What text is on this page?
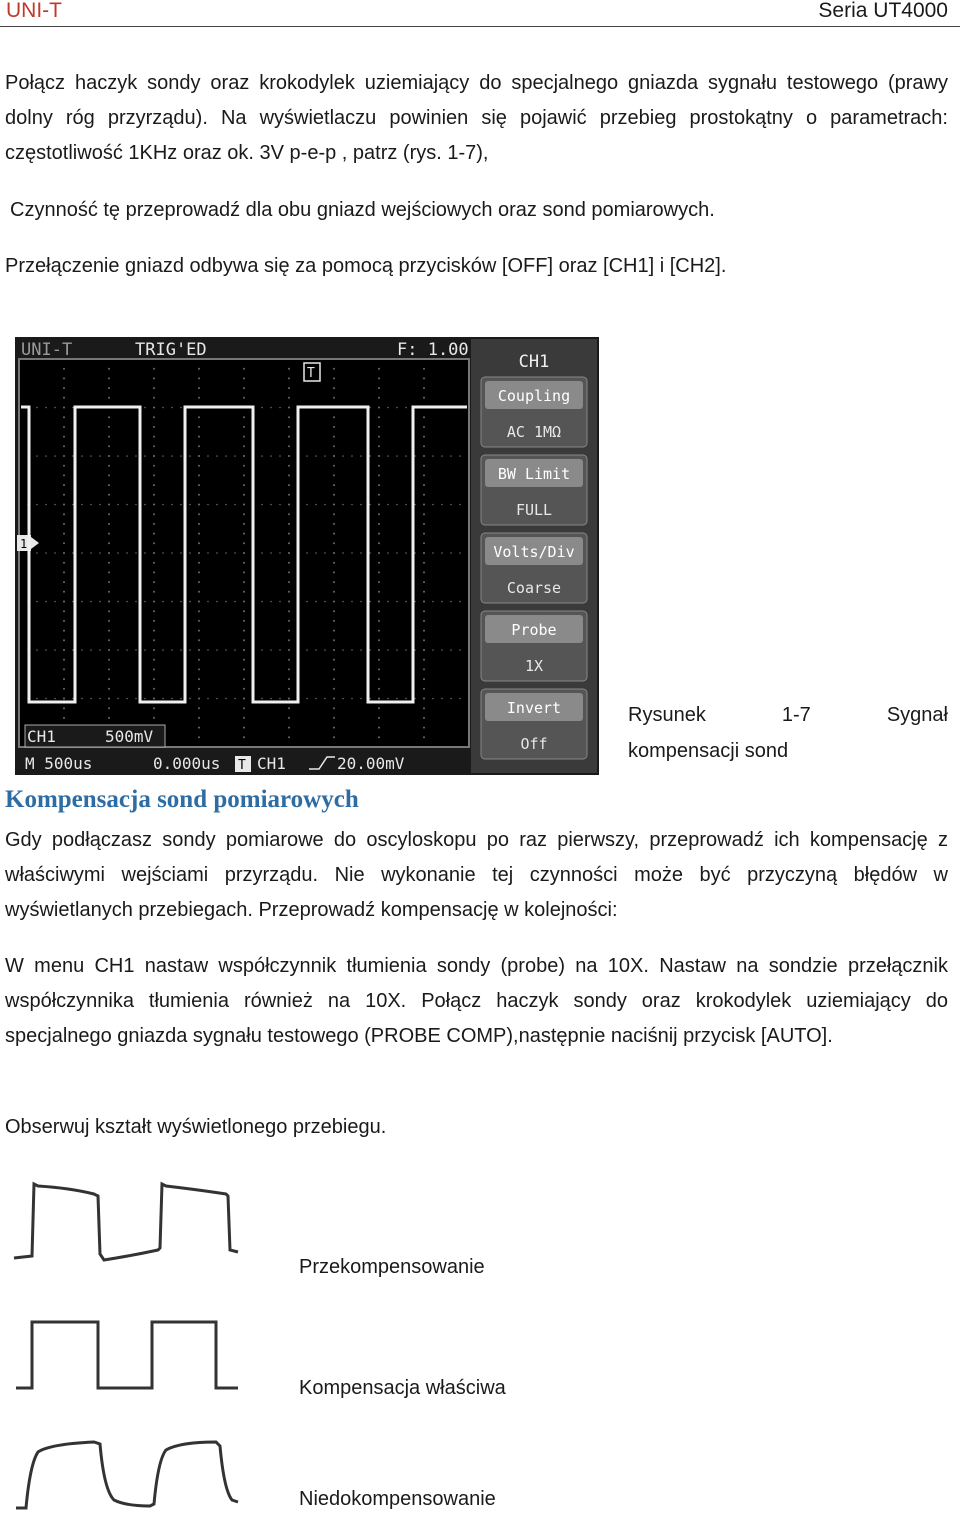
UNI-T	Seria UT4000
Połącz haczyk sondy oraz krokodylek uziemiający do specjalnego gniazda sygnału testowego (prawy dolny róg przyrządu). Na wyświetlaczu powinien się pojawić przebieg prostokątny o parametrach: częstotliwość 1KHz oraz ok. 3V p-e-p , patrz (rys. 1-7),
Czynność tę przeprowadź dla obu gniazd wejściowych oraz sond pomiarowych.
Przełączenie gniazd odbywa się za pomocą przycisków [OFF] oraz [CH1] i [CH2].
UNI-T	TRIG'ED	F: 1.00
T
1
CH1	500mV
M 500us	0.000us T CH1	20.00mV
CH1
Coupling
AC 1MΩ
BW Limit
FULL
Volts/Div
Coarse
Probe
1X
Invert
Off
Rysunek	1-7	Sygnał
kompensacji sond
Kompensacja sond pomiarowych
Gdy podłączasz sondy pomiarowe do oscyloskopu po raz pierwszy, przeprowadź ich kompensację z właściwymi wejściami przyrządu. Nie wykonanie tej czynności może być przyczyną błędów w wyświetlanych przebiegach. Przeprowadź kompensację w kolejności:
W menu CH1 nastaw współczynnik tłumienia sondy (probe) na 10X. Nastaw na sondzie przełącznik współczynnika tłumienia również na 10X. Połącz haczyk sondy oraz krokodylek uziemiający do specjalnego gniazda sygnału testowego (PROBE COMP),następnie naciśnij przycisk [AUTO].
Obserwuj kształt wyświetlonego przebiegu.
Przekompensowanie
Kompensacja właściwa
Niedokompensowanie
